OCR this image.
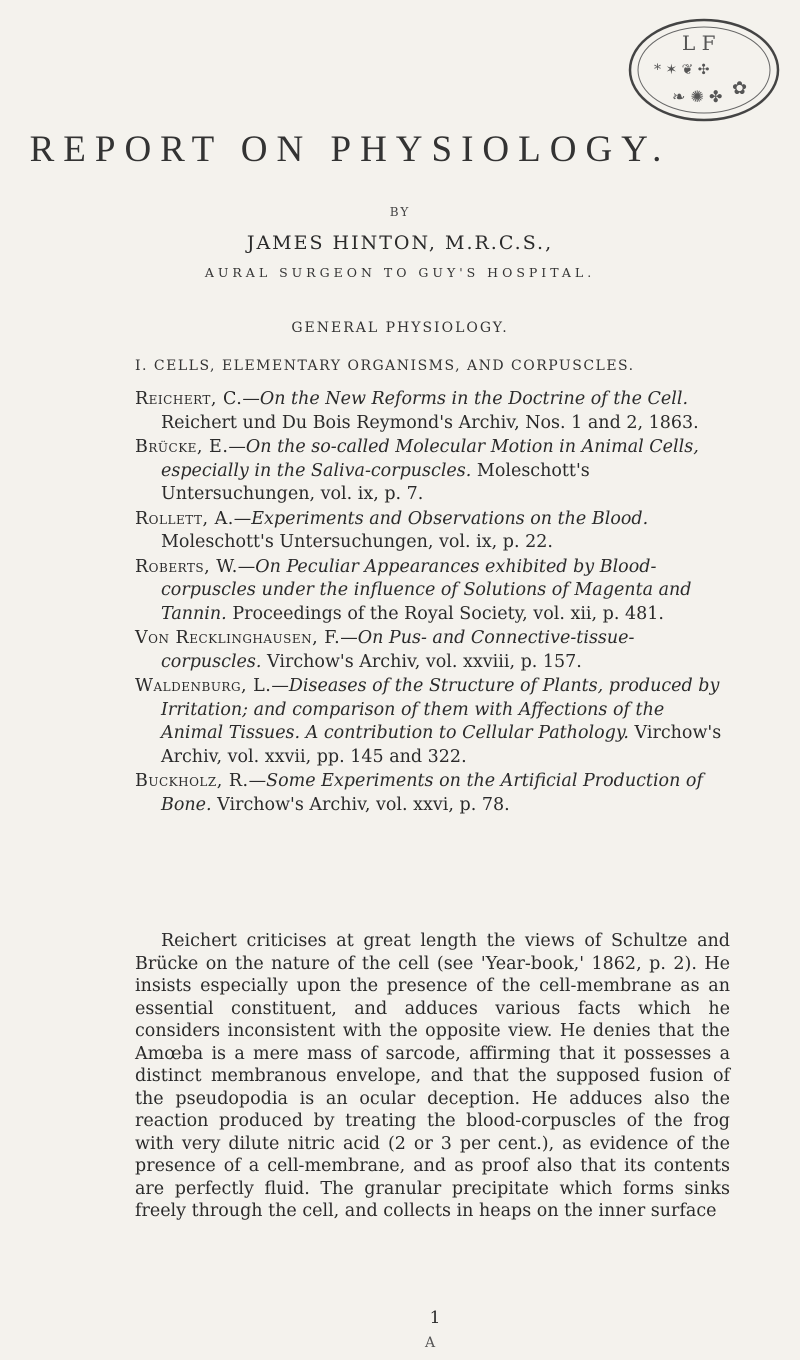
L F
* ✶ ❦ ✣
❧ ✺ ✤ ✿
REPORT ON PHYSIOLOGY.
BY
JAMES HINTON, M.R.C.S.,
AURAL SURGEON TO GUY'S HOSPITAL.
GENERAL PHYSIOLOGY.
I. CELLS, ELEMENTARY ORGANISMS, AND CORPUSCLES.
Reichert, C.—On the New Reforms in the Doctrine of the Cell. Reichert und Du Bois Reymond's Archiv, Nos. 1 and 2, 1863.
Brücke, E.—On the so-called Molecular Motion in Animal Cells, especially in the Saliva-corpuscles. Moleschott's Untersuchungen, vol. ix, p. 7.
Rollett, A.—Experiments and Observations on the Blood. Moleschott's Untersuchungen, vol. ix, p. 22.
Roberts, W.—On Peculiar Appearances exhibited by Blood-corpuscles under the influence of Solutions of Magenta and Tannin. Proceedings of the Royal Society, vol. xii, p. 481.
Von Recklinghausen, F.—On Pus- and Connective-tissue-corpuscles. Virchow's Archiv, vol. xxviii, p. 157.
Waldenburg, L.—Diseases of the Structure of Plants, produced by Irritation; and comparison of them with Affections of the Animal Tissues. A contribution to Cellular Pathology. Virchow's Archiv, vol. xxvii, pp. 145 and 322.
Buckholz, R.—Some Experiments on the Artificial Production of Bone. Virchow's Archiv, vol. xxvi, p. 78.

Reichert criticises at great length the views of Schultze and Brücke on the nature of the cell (see 'Year-book,' 1862, p. 2). He insists especially upon the presence of the cell-membrane as an essential constituent, and adduces various facts which he considers inconsistent with the opposite view. He denies that the Amœba is a mere mass of sarcode, affirming that it possesses a distinct membranous envelope, and that the supposed fusion of the pseudopodia is an ocular deception. He adduces also the reaction produced by treating the blood-corpuscles of the frog with very dilute nitric acid (2 or 3 per cent.), as evidence of the presence of a cell-membrane, and as proof also that its contents are perfectly fluid. The granular precipitate which forms sinks freely through the cell, and collects in heaps on the inner surface

1
A
